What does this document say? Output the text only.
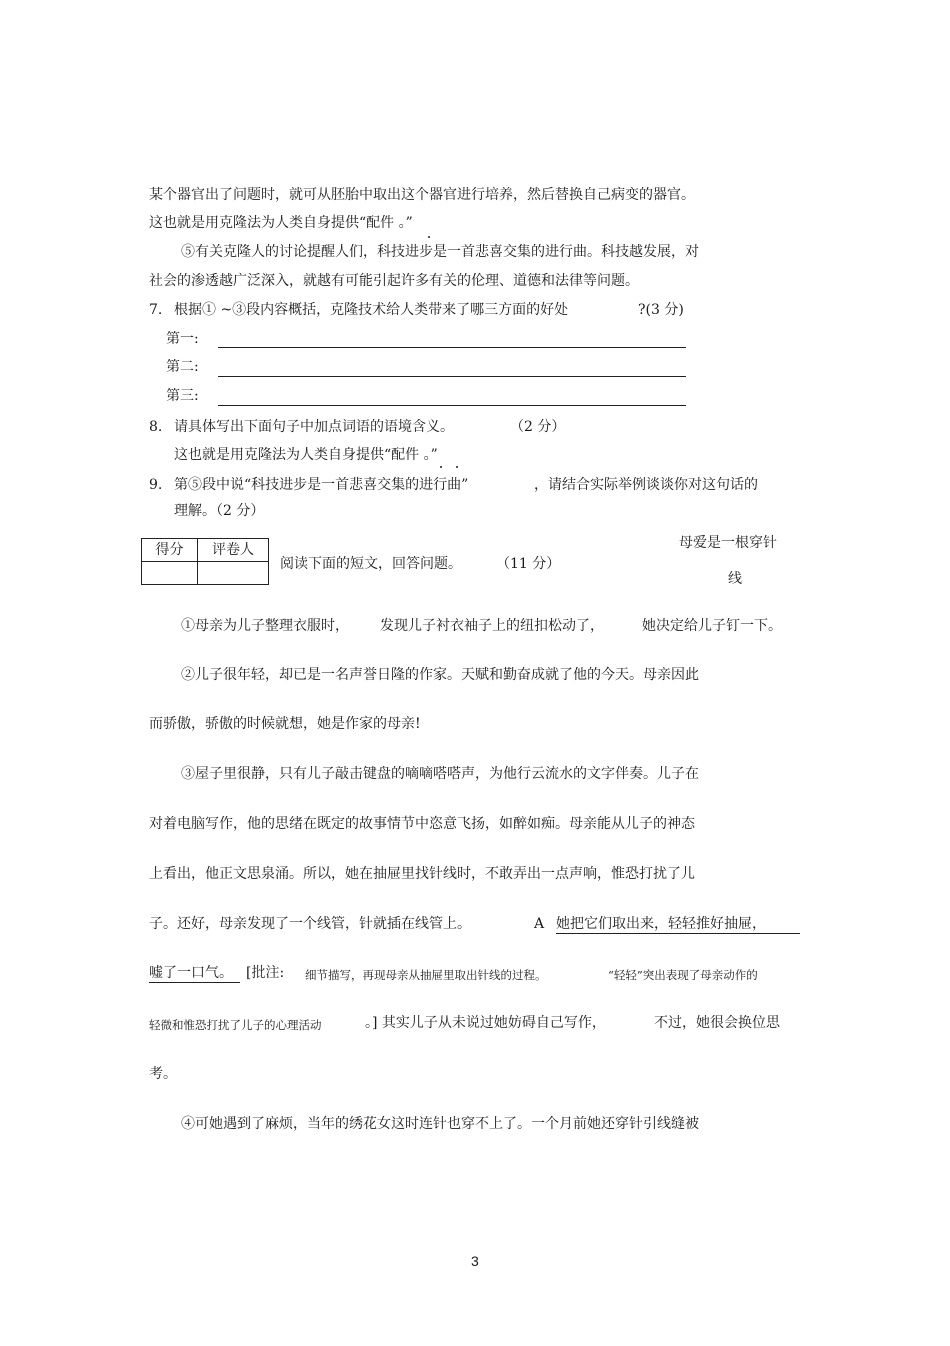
某个器官出了问题时，就可从胚胎中取出这个器官进行培养，然后替换自己病变的器官。
这也就是用克隆法为人类自身提供“配件 。”
⑤有关克隆人的讨论提醒人们，科技进步是一首悲喜交集的进行曲。科技越发展，对
社会的渗透越广泛深入，就越有可能引起许多有关的伦理、道德和法律等问题。
7. 根据① ~③段内容概括，克隆技术给人类带来了哪三方面的好处	?(3 分)
第一:
第二:
第三:
8. 请具体写出下面句子中加点词语的语境含义。	（2 分）
这也就是用克隆法为人类自身提供“配件 。”
9. 第⑤段中说“科技进步是一首悲喜交集的进行曲”	，请结合实际举例谈谈你对这句话的
理解。（2 分）
得分	评卷人

阅读下面的短文，回答问题。 （11 分）
母爱是一根穿针
线
①母亲为儿子整理衣服时， 发现儿子衬衣袖子上的纽扣松动了，	她决定给儿子钉一下。
②儿子很年轻，却已是一名声誉日隆的作家。天赋和勤奋成就了他的今天。母亲因此
而骄傲，骄傲的时候就想，她是作家的母亲!
③屋子里很静，只有儿子敲击键盘的嘀嘀嗒嗒声，为他行云流水的文字伴奏。儿子在
对着电脑写作，他的思绪在既定的故事情节中恣意飞扬，如醉如痴。母亲能从儿子的神态
上看出，他正文思泉涌。所以，她在抽屉里找针线时，不敢弄出一点声响，惟恐打扰了儿
子。还好，母亲发现了一个线管，针就插在线管上。	A 她把它们取出来，轻轻推好抽屉，
嘘了一口气。 [批注: 细节描写，再现母亲从抽屉里取出针线的过程。	“轻轻”突出表现了母亲动作的
轻微和惟恐打扰了儿子的心理活动	。] 其实儿子从未说过她妨碍自己写作，	不过，她很会换位思
考。
④可她遇到了麻烦，当年的绣花女这时连针也穿不上了。一个月前她还穿针引线缝被
3
